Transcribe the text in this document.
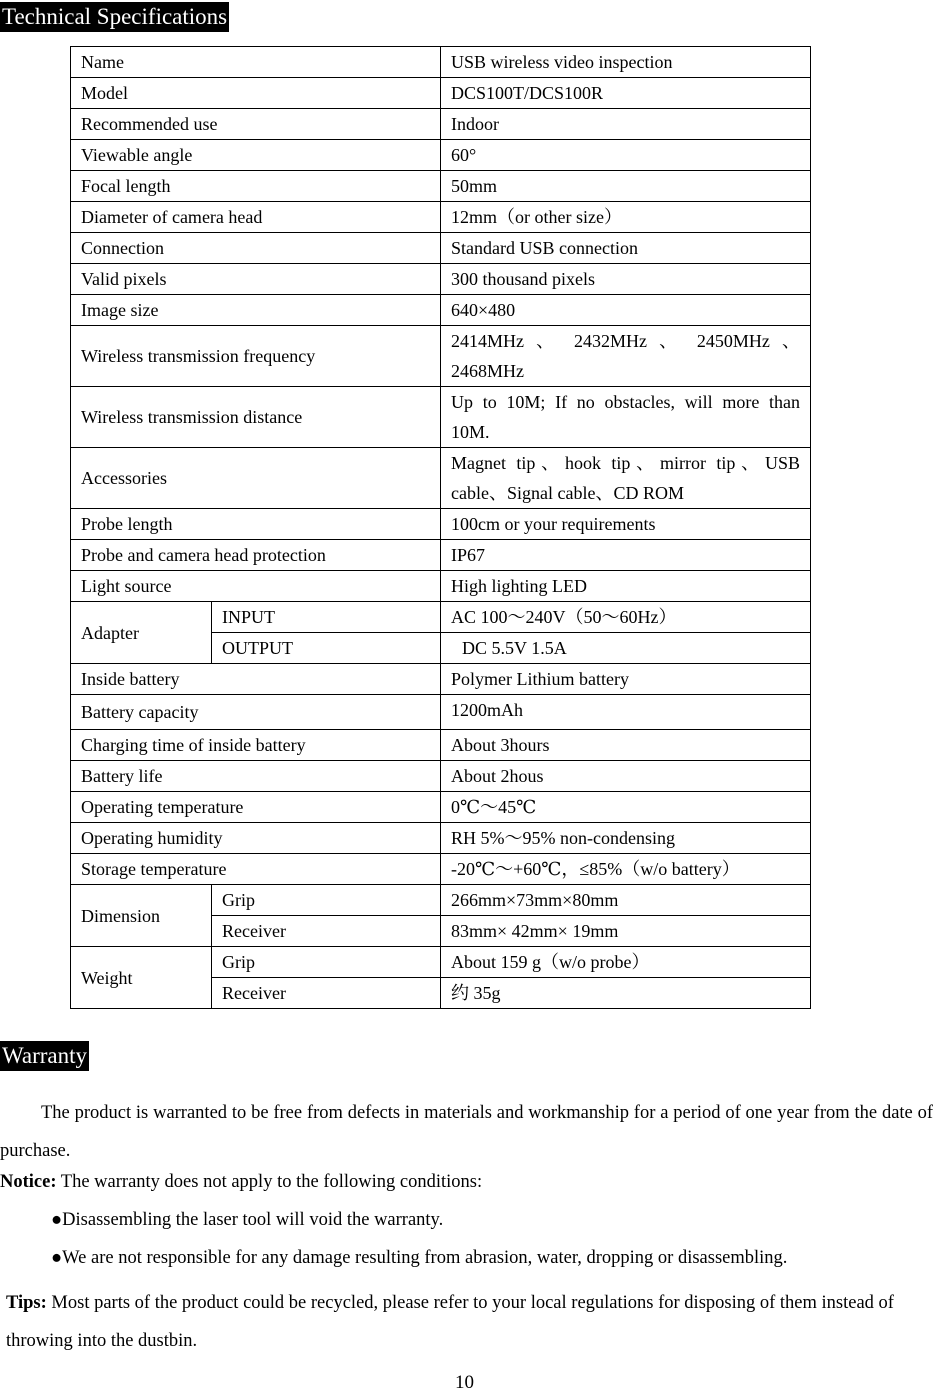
Technical Specifications
Name		USB wireless video inspection
Model		DCS100T/DCS100R
Recommended use		Indoor
Viewable angle		60°
Focal length		50mm
Diameter of camera head		12mm（or other size）
Connection		Standard USB connection
Valid pixels		300 thousand pixels
Image size		640×480
Wireless transmission frequency		2414MHz 、 2432MHz 、 2450MHz 、 2468MHz
Wireless transmission distance		Up to 10M; If no obstacles, will more than 10M.
Accessories		Magnet tip、hook tip、mirror tip、USB cable、Signal cable、CD ROM
Probe length		100cm or your requirements
Probe and camera head protection		IP67
Light source		High lighting LED
Adapter	INPUT	AC 100～240V（50～60Hz）
	OUTPUT	DC 5.5V 1.5A
Inside battery		Polymer Lithium battery
Battery capacity		1200mAh
Charging time of inside battery		About 3hours
Battery life		About 2hous
Operating temperature		0℃～45℃
Operating humidity		RH 5%～95% non-condensing
Storage temperature		-20℃～+60℃，≤85%（w/o battery）
Dimension	Grip	266mm×73mm×80mm
	Receiver	83mm× 42mm× 19mm
Weight	Grip	About 159 g（w/o probe）
	Receiver	约 35g
Warranty
The product is warranted to be free from defects in materials and workmanship for a period of one year from the date of purchase.
Notice: The warranty does not apply to the following conditions:
●Disassembling the laser tool will void the warranty.
●We are not responsible for any damage resulting from abrasion, water, dropping or disassembling.
Tips: Most parts of the product could be recycled, please refer to your local regulations for disposing of them instead of throwing into the dustbin.
10
